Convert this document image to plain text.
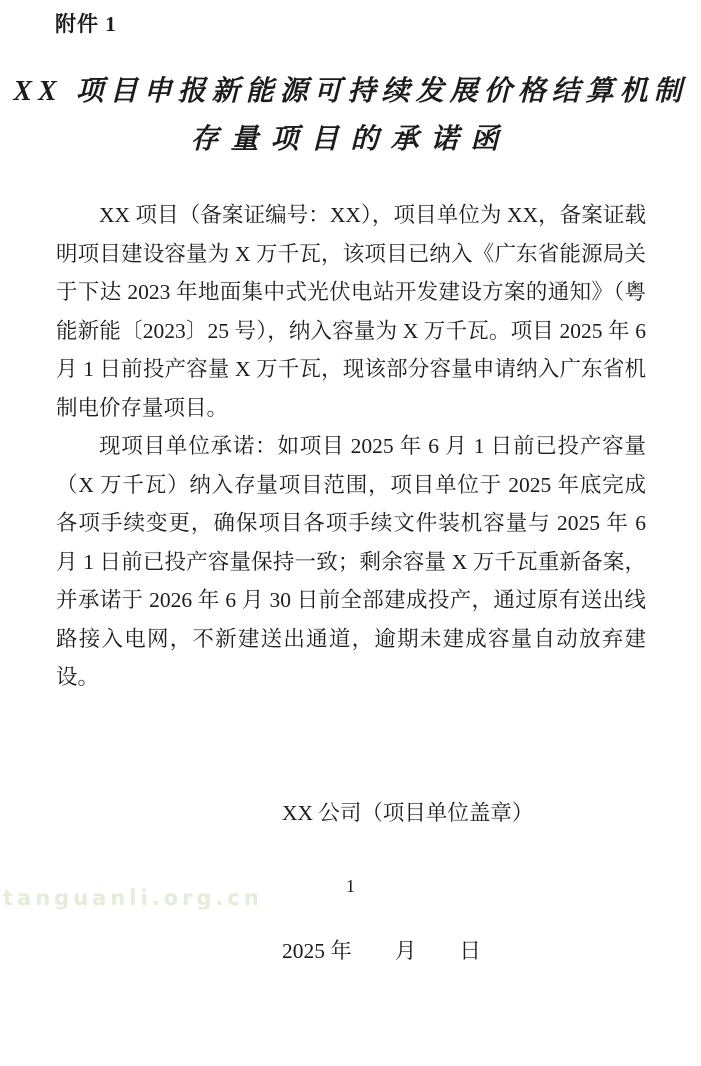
附件 1
XX 项目申报新能源可持续发展价格结算机制
存量项目的承诺函

XX 项目（备案证编号：XX），项目单位为 XX，备案证载明项目建设容量为 X 万千瓦，该项目已纳入《广东省能源局关于下达 2023 年地面集中式光伏电站开发建设方案的通知》（粤能新能〔2023〕25 号），纳入容量为 X 万千瓦。项目 2025 年 6 月 1 日前投产容量 X 万千瓦，现该部分容量申请纳入广东省机制电价存量项目。

现项目单位承诺：如项目 2025 年 6 月 1 日前已投产容量（X 万千瓦）纳入存量项目范围，项目单位于 2025 年底完成各项手续变更，确保项目各项手续文件装机容量与 2025 年 6 月 1 日前已投产容量保持一致；剩余容量 X 万千瓦重新备案，并承诺于 2026 年 6 月 30 日前全部建成投产，通过原有送出线路接入电网，不新建送出通道，逾期未建成容量自动放弃建设。

XX 公司（项目单位盖章）

2025 年　　月　　日

1
tanguanli.org.cn
